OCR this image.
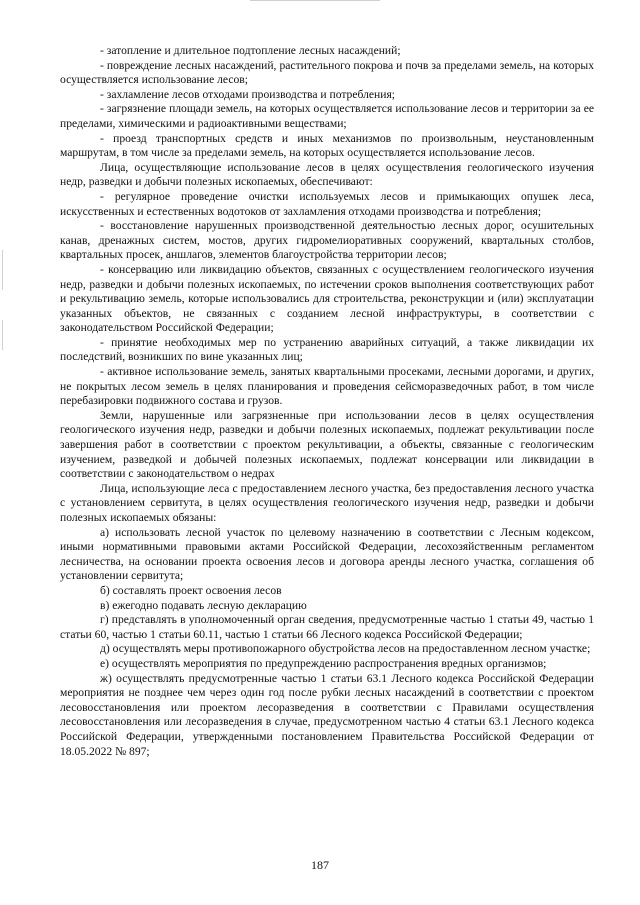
- затопление и длительное подтопление лесных насаждений;

- повреждение лесных насаждений, растительного покрова и почв за пределами земель, на которых осуществляется использование лесов;

- захламление лесов отходами производства и потребления;

- загрязнение площади земель, на которых осуществляется использование лесов и территории за ее пределами, химическими и радиоактивными веществами;

- проезд транспортных средств и иных механизмов по произвольным, неустановленным маршрутам, в том числе за пределами земель, на которых осуществляется использование лесов.

Лица, осуществляющие использование лесов в целях осуществления геологического изучения недр, разведки и добычи полезных ископаемых, обеспечивают:

- регулярное проведение очистки используемых лесов и примыкающих опушек леса, искусственных и естественных водотоков от захламления отходами производства и потребления;

- восстановление нарушенных производственной деятельностью лесных дорог, осушительных канав, дренажных систем, мостов, других гидромелиоративных сооружений, квартальных столбов, квартальных просек, аншлагов, элементов благоустройства территории лесов;

- консервацию или ликвидацию объектов, связанных с осуществлением геологического изучения недр, разведки и добычи полезных ископаемых, по истечении сроков выполнения соответствующих работ и рекультивацию земель, которые использовались для строительства, реконструкции и (или) эксплуатации указанных объектов, не связанных с созданием лесной инфраструктуры, в соответствии с законодательством Российской Федерации;

- принятие необходимых мер по устранению аварийных ситуаций, а также ликвидации их последствий, возникших по вине указанных лиц;

- активное использование земель, занятых квартальными просеками, лесными дорогами, и других, не покрытых лесом земель в целях планирования и проведения сейсморазведочных работ, в том числе перебазировки подвижного состава и грузов.

Земли, нарушенные или загрязненные при использовании лесов в целях осуществления геологического изучения недр, разведки и добычи полезных ископаемых, подлежат рекультивации после завершения работ в соответствии с проектом рекультивации, а объекты, связанные с геологическим изучением, разведкой и добычей полезных ископаемых, подлежат консервации или ликвидации в соответствии с законодательством о недрах

Лица, использующие леса с предоставлением лесного участка, без предоставления лесного участка с установлением сервитута, в целях осуществления геологического изучения недр, разведки и добычи полезных ископаемых обязаны:

а) использовать лесной участок по целевому назначению в соответствии с Лесным кодексом, иными нормативными правовыми актами Российской Федерации, лесохозяйственным регламентом лесничества, на основании проекта освоения лесов и договора аренды лесного участка, соглашения об установлении сервитута;

б) составлять проект освоения лесов

в) ежегодно подавать лесную декларацию

г) представлять в уполномоченный орган сведения, предусмотренные частью 1 статьи 49, частью 1 статьи 60, частью 1 статьи 60.11, частью 1 статьи 66 Лесного кодекса Российской Федерации;

д) осуществлять меры противопожарного обустройства лесов на предоставленном лесном участке;

е) осуществлять мероприятия по предупреждению распространения вредных организмов;

ж) осуществлять предусмотренные частью 1 статьи 63.1 Лесного кодекса Российской Федерации мероприятия не позднее чем через один год после рубки лесных насаждений в соответствии с проектом лесовосстановления или проектом лесоразведения в соответствии с Правилами осуществления лесовосстановления или лесоразведения в случае, предусмотренном частью 4 статьи 63.1 Лесного кодекса Российской Федерации, утвержденными постановлением Правительства Российской Федерации от 18.05.2022 № 897;

187
